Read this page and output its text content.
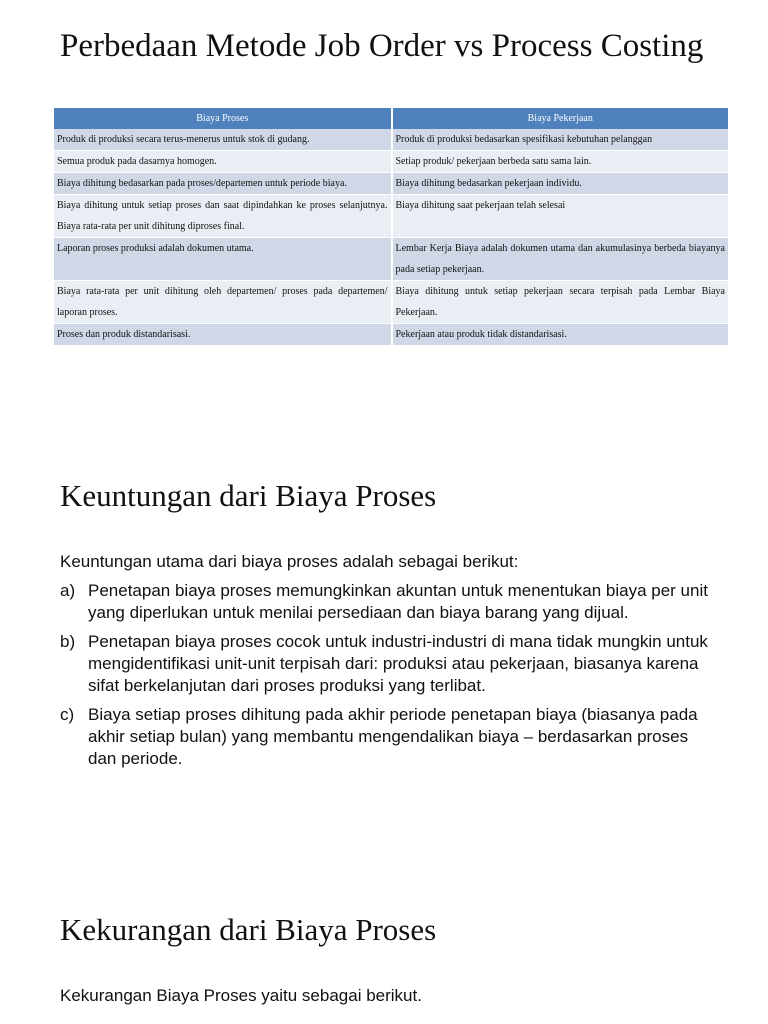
Perbedaan Metode Job Order vs Process Costing
Biaya Proses	Biaya Pekerjaan
Produk di produksi secara terus-menerus untuk stok di gudang.	Produk di produksi bedasarkan spesifikasi kebutuhan pelanggan
Semua produk pada dasarnya homogen.	Setiap produk/ pekerjaan berbeda satu sama lain.
Biaya dihitung bedasarkan pada proses/departemen untuk periode biaya.	Biaya dihitung bedasarkan pekerjaan individu.
Biaya dihitung untuk setiap proses dan saat dipindahkan ke proses selanjutnya. Biaya rata-rata per unit dihitung diproses final.	Biaya dihitung saat pekerjaan telah selesai
Laporan proses produksi adalah dokumen utama.	Lembar Kerja Biaya adalah dokumen utama dan akumulasinya berbeda biayanya pada setiap pekerjaan.
Biaya rata-rata per unit dihitung oleh departemen/ proses pada departemen/ laporan proses.	Biaya dihitung untuk setiap pekerjaan secara terpisah pada Lembar Biaya Pekerjaan.
Proses dan produk distandarisasi.	Pekerjaan atau produk tidak distandarisasi.
Keuntungan dari Biaya Proses

Keuntungan utama dari biaya proses adalah sebagai berikut:

a) Penetapan biaya proses memungkinkan akuntan untuk menentukan biaya per unit yang diperlukan untuk menilai persediaan dan biaya barang yang dijual.
b) Penetapan biaya proses cocok untuk industri-industri di mana tidak mungkin untuk mengidentifikasi unit-unit terpisah dari: produksi atau pekerjaan, biasanya karena sifat berkelanjutan dari proses produksi yang terlibat.
c) Biaya setiap proses dihitung pada akhir periode penetapan biaya (biasanya pada akhir setiap bulan) yang membantu mengendalikan biaya – berdasarkan proses dan periode.
Kekurangan dari Biaya Proses

Kekurangan Biaya Proses yaitu sebagai berikut.
